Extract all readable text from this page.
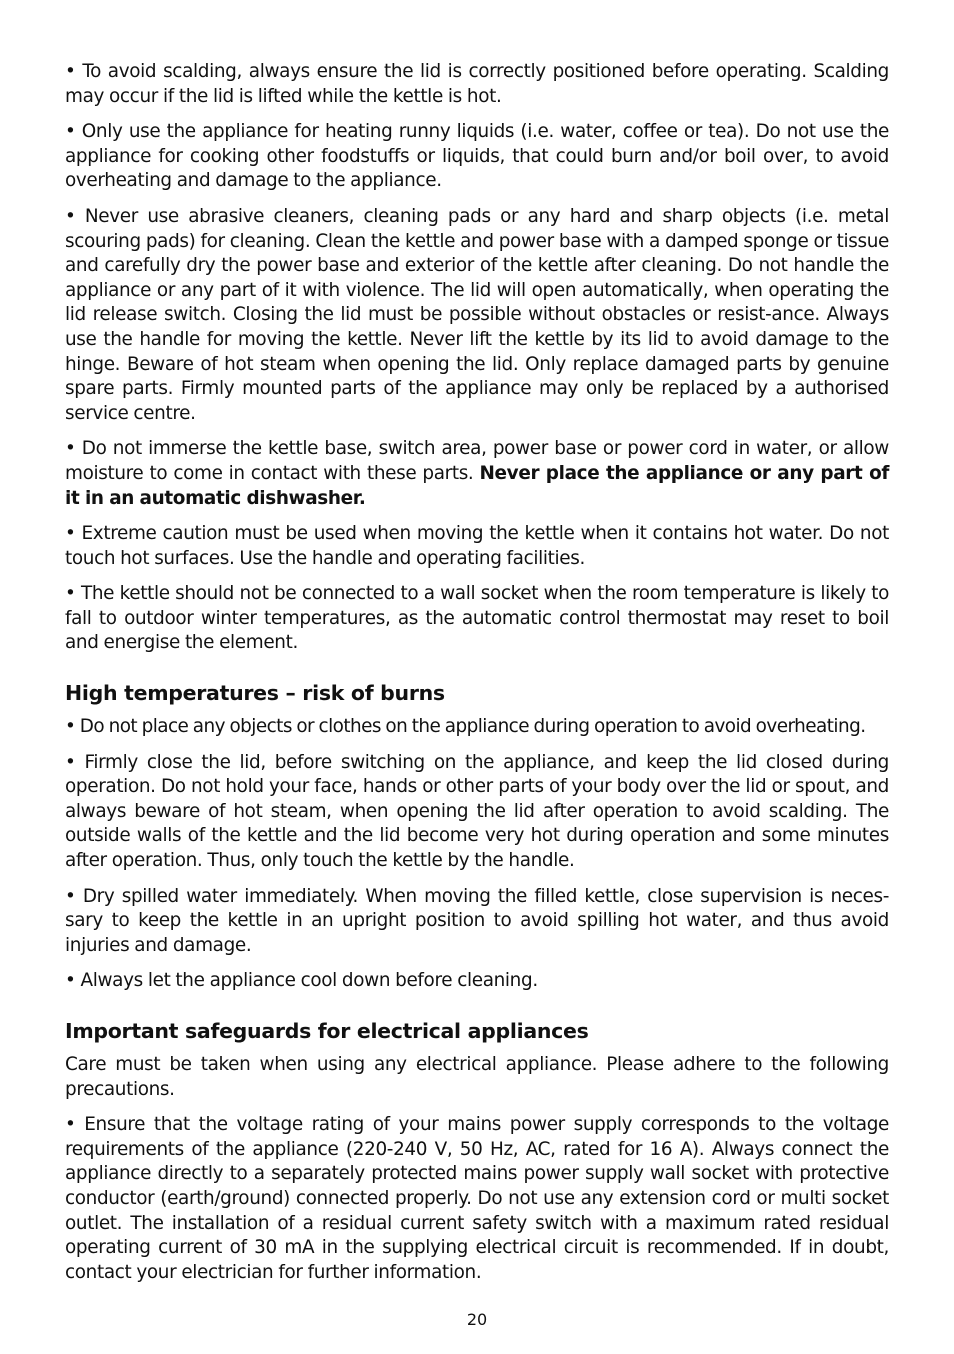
• To avoid scalding, always ensure the lid is correctly positioned before operating. Scalding may occur if the lid is lifted while the kettle is hot.

• Only use the appliance for heating runny liquids (i.e. water, coffee or tea). Do not use the appliance for cooking other foodstuffs or liquids, that could burn and/or boil over, to avoid overheating and damage to the appliance.

• Never use abrasive cleaners, cleaning pads or any hard and sharp objects (i.e. metal scouring pads) for cleaning. Clean the kettle and power base with a damped sponge or tissue and carefully dry the power base and exterior of the kettle after cleaning. Do not handle the appliance or any part of it with violence. The lid will open automatically, when operating the lid release switch. Closing the lid must be possible without obstacles or resist-ance. Always use the handle for moving the kettle. Never lift the kettle by its lid to avoid damage to the hinge. Beware of hot steam when opening the lid. Only replace damaged parts by genuine spare parts. Firmly mounted parts of the appliance may only be replaced by a authorised service centre.

• Do not immerse the kettle base, switch area, power base or power cord in water, or allow moisture to come in contact with these parts. Never place the appliance or any part of it in an automatic dishwasher.

• Extreme caution must be used when moving the kettle when it contains hot water. Do not touch hot surfaces. Use the handle and operating facilities.

• The kettle should not be connected to a wall socket when the room temperature is likely to fall to outdoor winter temperatures, as the automatic control thermostat may reset to boil and energise the element.

High temperatures – risk of burns

• Do not place any objects or clothes on the appliance during operation to avoid overheating.

• Firmly close the lid, before switching on the appliance, and keep the lid closed during operation. Do not hold your face, hands or other parts of your body over the lid or spout, and always beware of hot steam, when opening the lid after operation to avoid scalding. The outside walls of the kettle and the lid become very hot during operation and some minutes after operation. Thus, only touch the kettle by the handle.

• Dry spilled water immediately. When moving the filled kettle, close supervision is neces-sary to keep the kettle in an upright position to avoid spilling hot water, and thus avoid injuries and damage.

• Always let the appliance cool down before cleaning.

Important safeguards for electrical appliances

Care must be taken when using any electrical appliance. Please adhere to the following precautions.

• Ensure that the voltage rating of your mains power supply corresponds to the voltage requirements of the appliance (220-240 V, 50 Hz, AC, rated for 16 A). Always connect the appliance directly to a separately protected mains power supply wall socket with protective conductor (earth/ground) connected properly. Do not use any extension cord or multi socket outlet. The installation of a residual current safety switch with a maximum rated residual operating current of 30 mA in the supplying electrical circuit is recommended. If in doubt, contact your electrician for further information.

20
